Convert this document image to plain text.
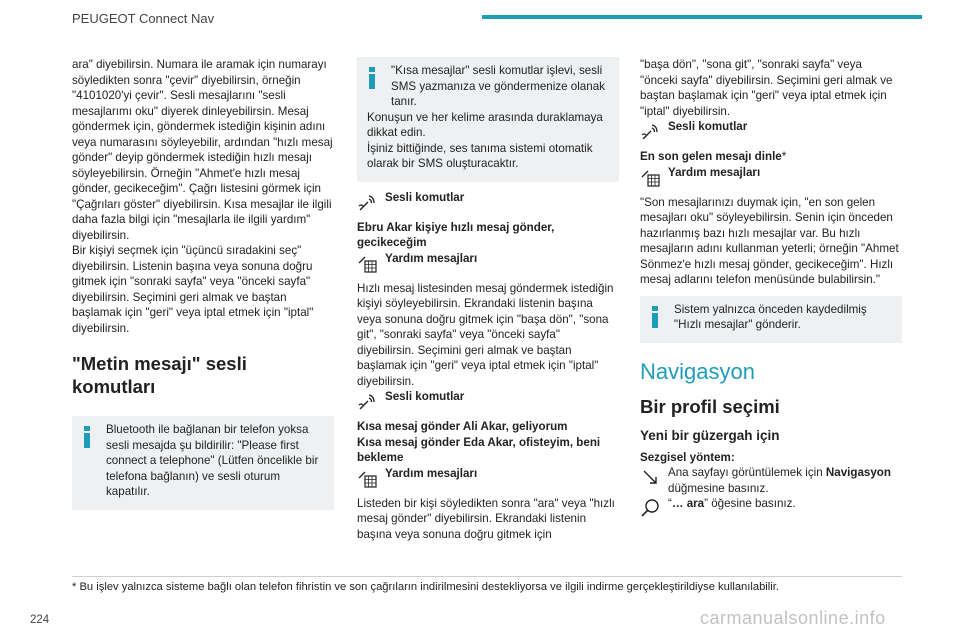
PEUGEOT Connect Nav

ara" diyebilirsin. Numara ile aramak için numarayı söyledikten sonra "çevir" diyebilirsin, örneğin "4101020'yi çevir". Sesli mesajlarını "sesli mesajlarımı oku" diyerek dinleyebilirsin. Mesaj göndermek için, göndermek istediğin kişinin adını veya numarasını söyleyebilir, ardından "hızlı mesaj gönder" deyip göndermek istediğin hızlı mesajı söyleyebilirsin. Örneğin "Ahmet'e hızlı mesaj gönder, gecikeceğim". Çağrı listesini görmek için "Çağrıları göster" diyebilirsin. Kısa mesajlar ile ilgili daha fazla bilgi için "mesajlarla ile ilgili yardım" diyebilirsin.

Bir kişiyi seçmek için "üçüncü sıradakini seç" diyebilirsin. Listenin başına veya sonuna doğru gitmek için "sonraki sayfa" veya "önceki sayfa" diyebilirsin. Seçimini geri almak ve baştan başlamak için "geri" veya iptal etmek için "iptal" diyebilirsin.

"Metin mesajı" sesli komutları
Bluetooth ile bağlanan bir telefon yoksa sesli mesajda şu bildirilir: "Please first connect a telephone" (Lütfen öncelikle bir telefona bağlanın) ve sesli oturum kapatılır.
"Kısa mesajlar" sesli komutlar işlevi, sesli SMS yazmanıza ve göndermenize olanak tanır.
Konuşun ve her kelime arasında duraklamaya dikkat edin.
İşiniz bittiğinde, ses tanıma sistemi otomatik olarak bir SMS oluşturacaktır.
Sesli komutlar
Ebru Akar kişiye hızlı mesaj gönder,
gecikeceğim
Yardım mesajları

Hızlı mesaj listesinden mesaj göndermek istediğin kişiyi söyleyebilirsin. Ekrandaki listenin başına veya sonuna doğru gitmek için "başa dön", "sona git", "sonraki sayfa" veya "önceki sayfa" diyebilirsin. Seçimini geri almak ve baştan başlamak için "geri" veya iptal etmek için "iptal" diyebilirsin.

Sesli komutlar
Kısa mesaj gönder Ali Akar, geliyorum
Kısa mesaj gönder Eda Akar, ofisteyim, beni bekleme
Yardım mesajları

Listeden bir kişi söyledikten sonra "ara" veya "hızlı mesaj gönder" diyebilirsin. Ekrandaki listenin başına veya sonuna doğru gitmek için

"başa dön", "sona git", "sonraki sayfa" veya "önceki sayfa" diyebilirsin. Seçimini geri almak ve baştan başlamak için "geri" veya iptal etmek için "iptal" diyebilirsin.

Sesli komutlar
En son gelen mesajı dinle*
Yardım mesajları

"Son mesajlarınızı duymak için, "en son gelen mesajları oku" söyleyebilirsin. Senin için önceden hazırlanmış bazı hızlı mesajlar var. Bu hızlı mesajların adını kullanman yeterli; örneğin "Ahmet Sönmez'e hızlı mesaj gönder, gecikeceğim". Hızlı mesaj adlarını telefon menüsünde bulabilirsin."

Sistem yalnızca önceden kaydedilmiş "Hızlı mesajlar" gönderir.
Navigasyon
Bir profil seçimi
Yeni bir güzergah için
Sezgisel yöntem:
Ana sayfayı görüntülemek için Navigasyon düğmesine basınız.
“… ara” öğesine basınız.
* Bu işlev yalnızca sisteme bağlı olan telefon fihristin ve son çağrıların indirilmesini destekliyorsa ve ilgili indirme gerçekleştirildiyse kullanılabilir.
224	carmanualsonline.info
